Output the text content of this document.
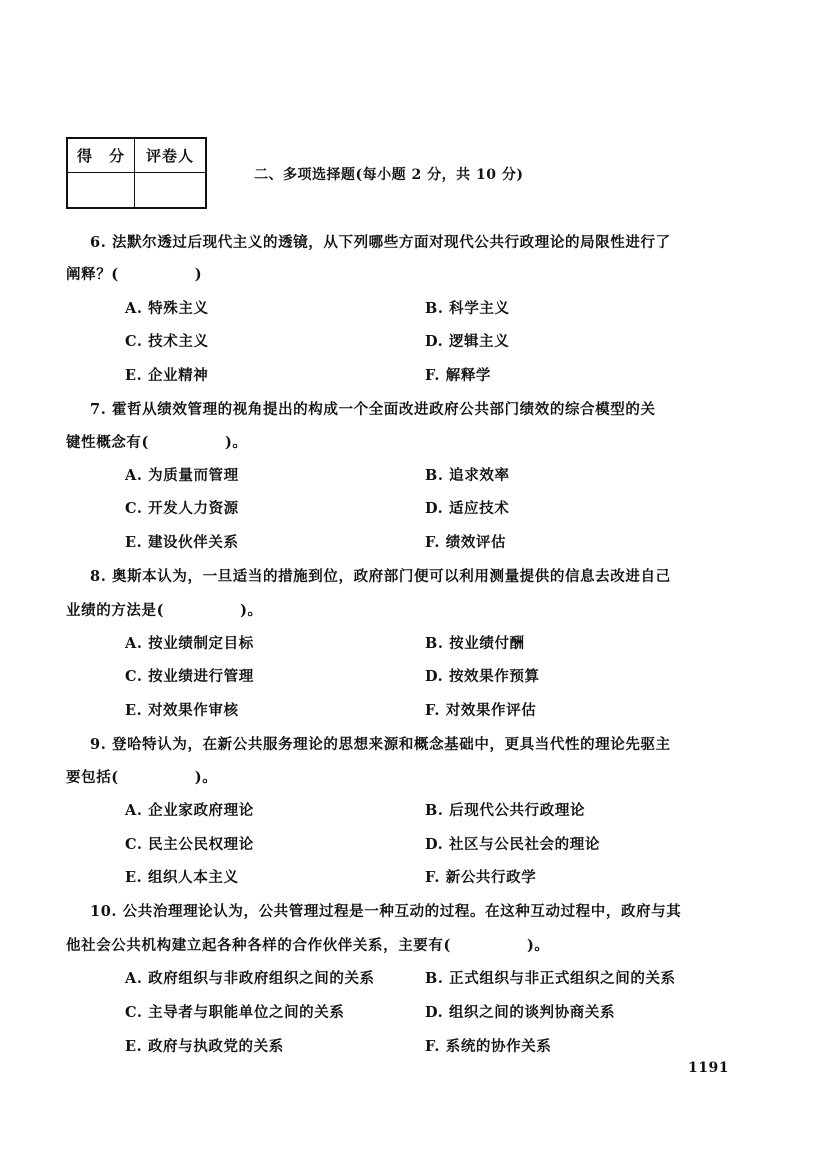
得　分	评卷人

二、多项选择题(每小题 2 分，共 10 分)
6. 法默尔透过后现代主义的透镜，从下列哪些方面对现代公共行政理论的局限性进行了
阐释？(	)
A. 特殊主义	B. 科学主义
C. 技术主义	D. 逻辑主义
E. 企业精神	F. 解释学
7. 霍哲从绩效管理的视角提出的构成一个全面改进政府公共部门绩效的综合模型的关
键性概念有(	)。
A. 为质量而管理	B. 追求效率
C. 开发人力资源	D. 适应技术
E. 建设伙伴关系	F. 绩效评估
8. 奥斯本认为，一旦适当的措施到位，政府部门便可以利用测量提供的信息去改进自己
业绩的方法是(	)。
A. 按业绩制定目标	B. 按业绩付酬
C. 按业绩进行管理	D. 按效果作预算
E. 对效果作审核	F. 对效果作评估
9. 登哈特认为，在新公共服务理论的思想来源和概念基础中，更具当代性的理论先驱主
要包括(	)。
A. 企业家政府理论	B. 后现代公共行政理论
C. 民主公民权理论	D. 社区与公民社会的理论
E. 组织人本主义	F. 新公共行政学
10. 公共治理理论认为，公共管理过程是一种互动的过程。在这种互动过程中，政府与其
他社会公共机构建立起各种各样的合作伙伴关系，主要有(	)。
A. 政府组织与非政府组织之间的关系	B. 正式组织与非正式组织之间的关系
C. 主导者与职能单位之间的关系	D. 组织之间的谈判协商关系
E. 政府与执政党的关系	F. 系统的协作关系
1191
